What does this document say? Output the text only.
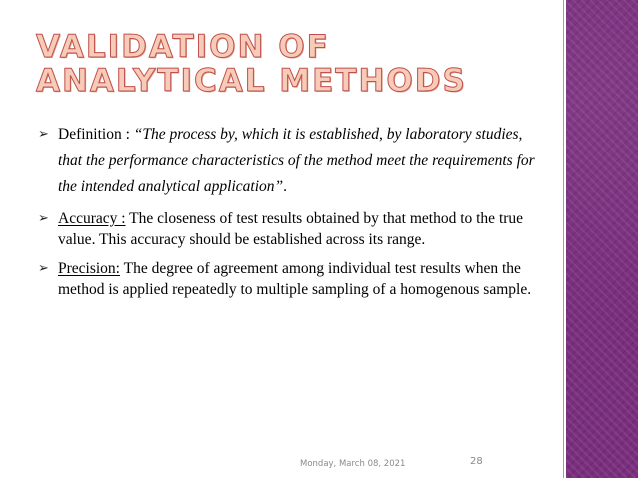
VALIDATION OF ANALYTICAL METHODS

➢ Definition : “The process by, which it is established, by laboratory studies, that the performance characteristics of the method meet the requirements for the intended analytical application”.

➢ Accuracy : The closeness of test results obtained by that method to the true value. This accuracy should be established across its range.

➢ Precision: The degree of agreement among individual test results when the method is applied repeatedly to multiple sampling of a homogenous sample.

Monday, March 08, 2021	28
